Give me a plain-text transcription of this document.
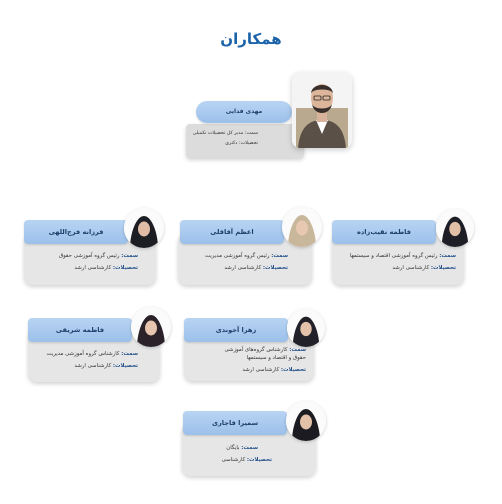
همکاران
سمت: مدیر کل تحصیلات تکمیلی
تحصیلات: دکتری
مهدی فدایی
سمت: رئیس گروه آموزشی اقتصاد و سیستمها
تحصیلات: کارشناسی ارشد
فاطمه نقیب‌زاده
سمت: رئیس گروه آموزشی مدیریت
تحصیلات: کارشناسی ارشد
اعظم آقاقلی
سمت: رئیس گروه آموزشی حقوق
تحصیلات: کارشناسی ارشد
فرزانه فرج‌اللهی
سمت: کارشناس گروه‌های آموزشی حقوق و اقتصاد و سیستمها
تحصیلات: کارشناسی ارشد
زهرا آخوندی
سمت: کارشناس گروه آموزشی مدیریت
تحصیلات: کارشناسی ارشد
فاطمه شریفی
سمت: بایگان
تحصیلات: کارشناسی
سمیرا قاجاری
